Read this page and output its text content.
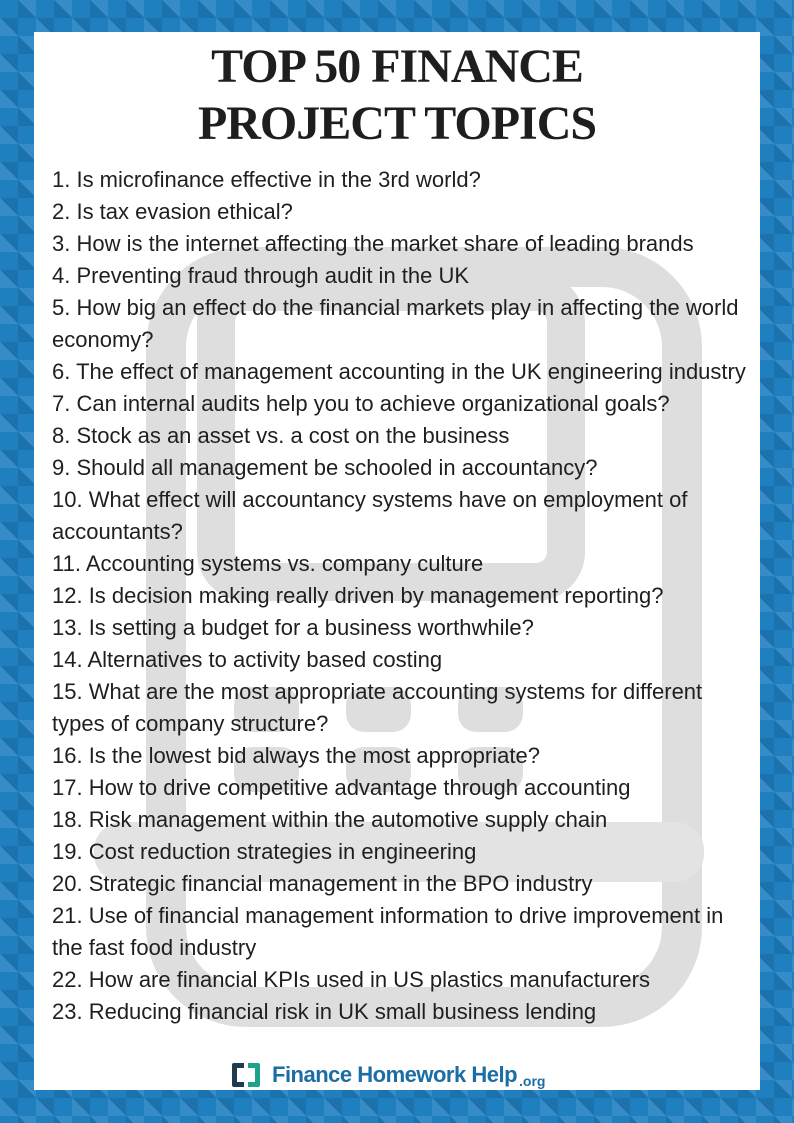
TOP 50 FINANCE
PROJECT TOPICS
1. Is microfinance effective in the 3rd world?
2. Is tax evasion ethical?
3. How is the internet affecting the market share of leading brands
4. Preventing fraud through audit in the UK
5. How big an effect do the financial markets play in affecting the world economy?
6. The effect of management accounting in the UK engineering industry
7. Can internal audits help you to achieve organizational goals?
8. Stock as an asset vs. a cost on the business
9. Should all management be schooled in accountancy?
10. What effect will accountancy systems have on employment of accountants?
11. Accounting systems vs. company culture
12. Is decision making really driven by management reporting?
13. Is setting a budget for a business worthwhile?
14. Alternatives to activity based costing
15. What are the most appropriate accounting systems for different types of company structure?
16. Is the lowest bid always the most appropriate?
17. How to drive competitive advantage through accounting
18. Risk management within the automotive supply chain
19. Cost reduction strategies in engineering
20. Strategic financial management in the BPO industry
21. Use of financial management information to drive improvement in the fast food industry
22. How are financial KPIs used in US plastics manufacturers
23. Reducing financial risk in UK small business lending
Finance Homework Help .org
